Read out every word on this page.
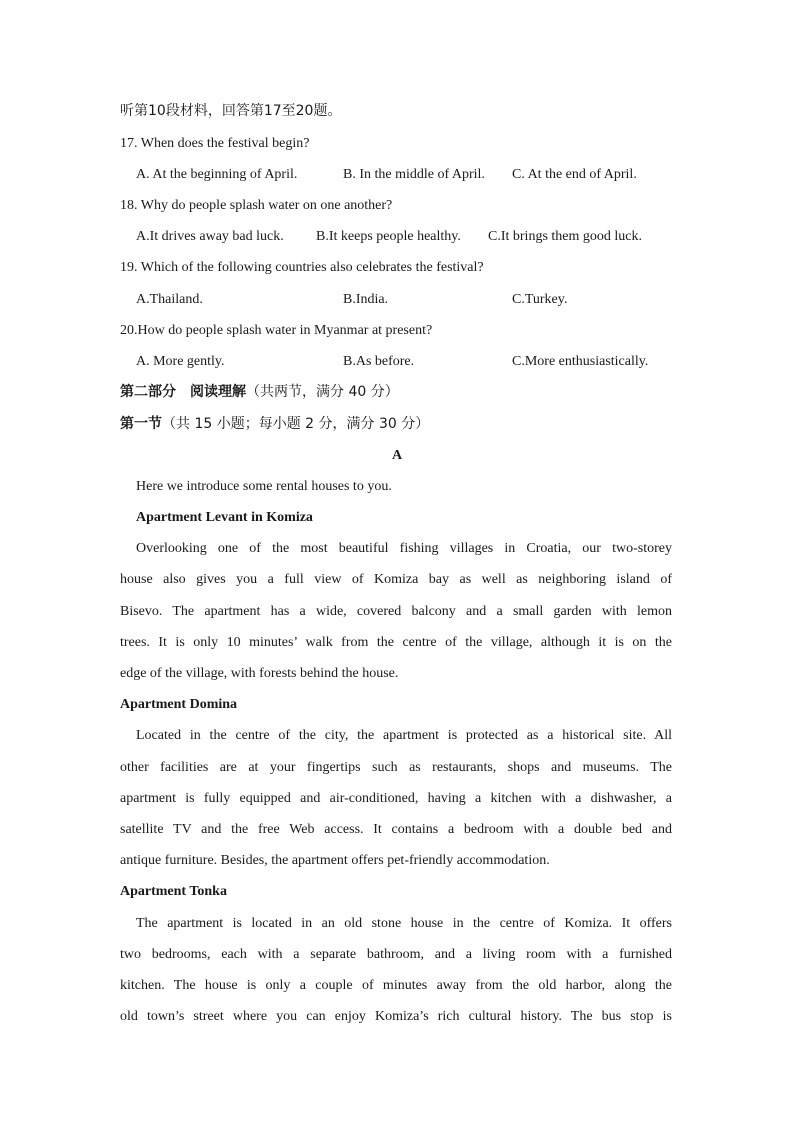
听第10段材料，回答第17至20题。

17. When does the festival begin?

A. At the beginning of April.	B. In the middle of April.	C. At the end of April.

18. Why do people splash water on one another?

A.It drives away bad luck.	B.It keeps people healthy.	C.It brings them good luck.

19. Which of the following countries also celebrates the festival?

A.Thailand.	B.India.	C.Turkey.

20.How do people splash water in Myanmar at present?

A. More gently.	B.As before.	C.More enthusiastically.

第二部分　阅读理解（共两节，满分 40 分）

第一节（共 15 小题；每小题 2 分，满分 30 分）

A

Here we introduce some rental houses to you.

Apartment Levant in Komiza

Overlooking one of the most beautiful fishing villages in Croatia, our two-storey

house also gives you a full view of Komiza bay as well as neighboring island of

Bisevo. The apartment has a wide, covered balcony and a small garden with lemon

trees. It is only 10 minutes’ walk from the centre of the village, although it is on the

edge of the village, with forests behind the house.

Apartment Domina

Located in the centre of the city, the apartment is protected as a historical site. All

other facilities are at your fingertips such as restaurants, shops and museums. The

apartment is fully equipped and air-conditioned, having a kitchen with a dishwasher, a

satellite TV and the free Web access. It contains a bedroom with a double bed and

antique furniture. Besides, the apartment offers pet-friendly accommodation.

Apartment Tonka

The apartment is located in an old stone house in the centre of Komiza. It offers

two bedrooms, each with a separate bathroom, and a living room with a furnished

kitchen. The house is only a couple of minutes away from the old harbor, along the

old town’s street where you can enjoy Komiza’s rich cultural history. The bus stop is
